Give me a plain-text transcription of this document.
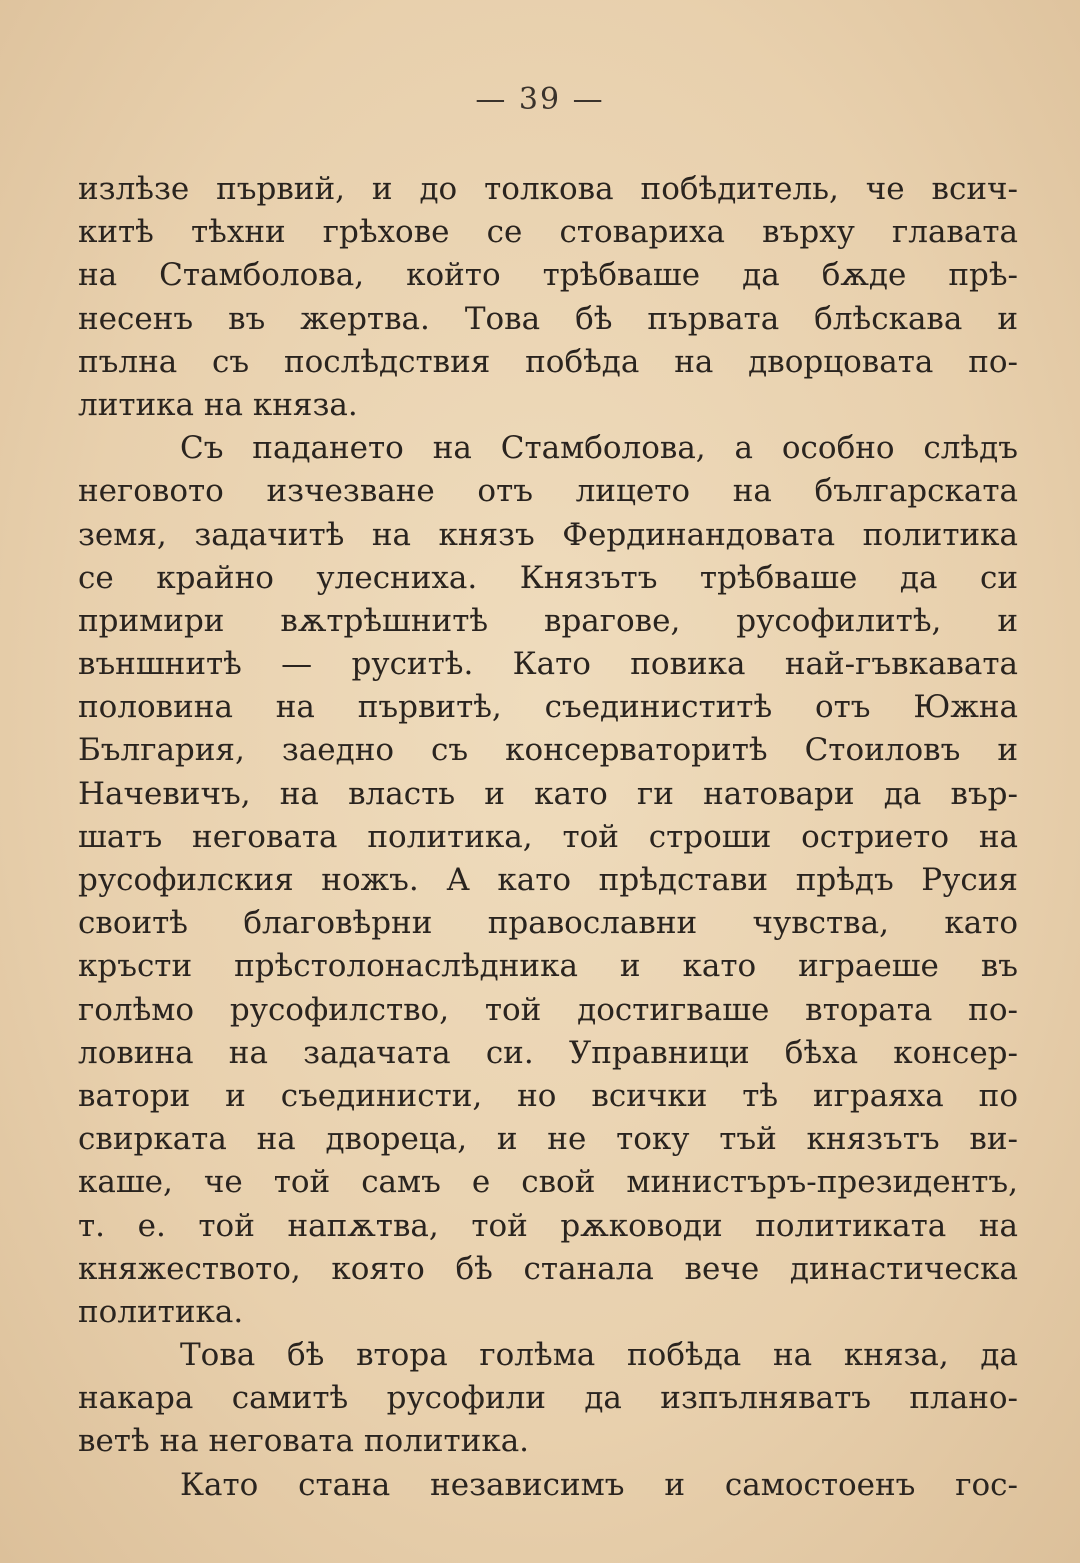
— 39 —
излѣзе първий, и до толкова побѣдитель, че всич-
китѣ тѣхни грѣхове се стовариха върху главата
на Стамболова, който трѣбваше да бѫде прѣ-
несенъ въ жертва. Това бѣ първата блѣскава и
пълна съ послѣдствия побѣда на дворцовата по-
литика на княза.
Съ падането на Стамболова, а особно слѣдъ
неговото изчезване отъ лицето на българската
земя, задачитѣ на князъ Фердинандовата политика
се крайно улесниха. Князътъ трѣбваше да си
примири вѫтрѣшнитѣ врагове, русофилитѣ, и
външнитѣ — руситѣ. Като повика най-гъвкавата
половина на първитѣ, съединиститѣ отъ Южна
България, заедно съ консерваторитѣ Стоиловъ и
Начевичъ, на власть и като ги натовари да вър-
шатъ неговата политика, той строши острието на
русофилския ножъ. А като прѣдстави прѣдъ Русия
своитѣ благовѣрни православни чувства, като
кръсти прѣстолонаслѣдника и като играеше въ
голѣмо русофилство, той достигваше втората по-
ловина на задачата си. Управници бѣха консер-
ватори и съединисти, но всички тѣ играяха по
свирката на двореца, и не току тъй князътъ ви-
каше, че той самъ е свой министъръ-президентъ,
т. е. той напѫтва, той рѫководи политиката на
княжеството, която бѣ станала вече династическа
политика.
Това бѣ втора голѣма побѣда на княза, да
накара самитѣ русофили да изпълняватъ плано-
ветѣ на неговата политика.
Като стана независимъ и самостоенъ гос-
